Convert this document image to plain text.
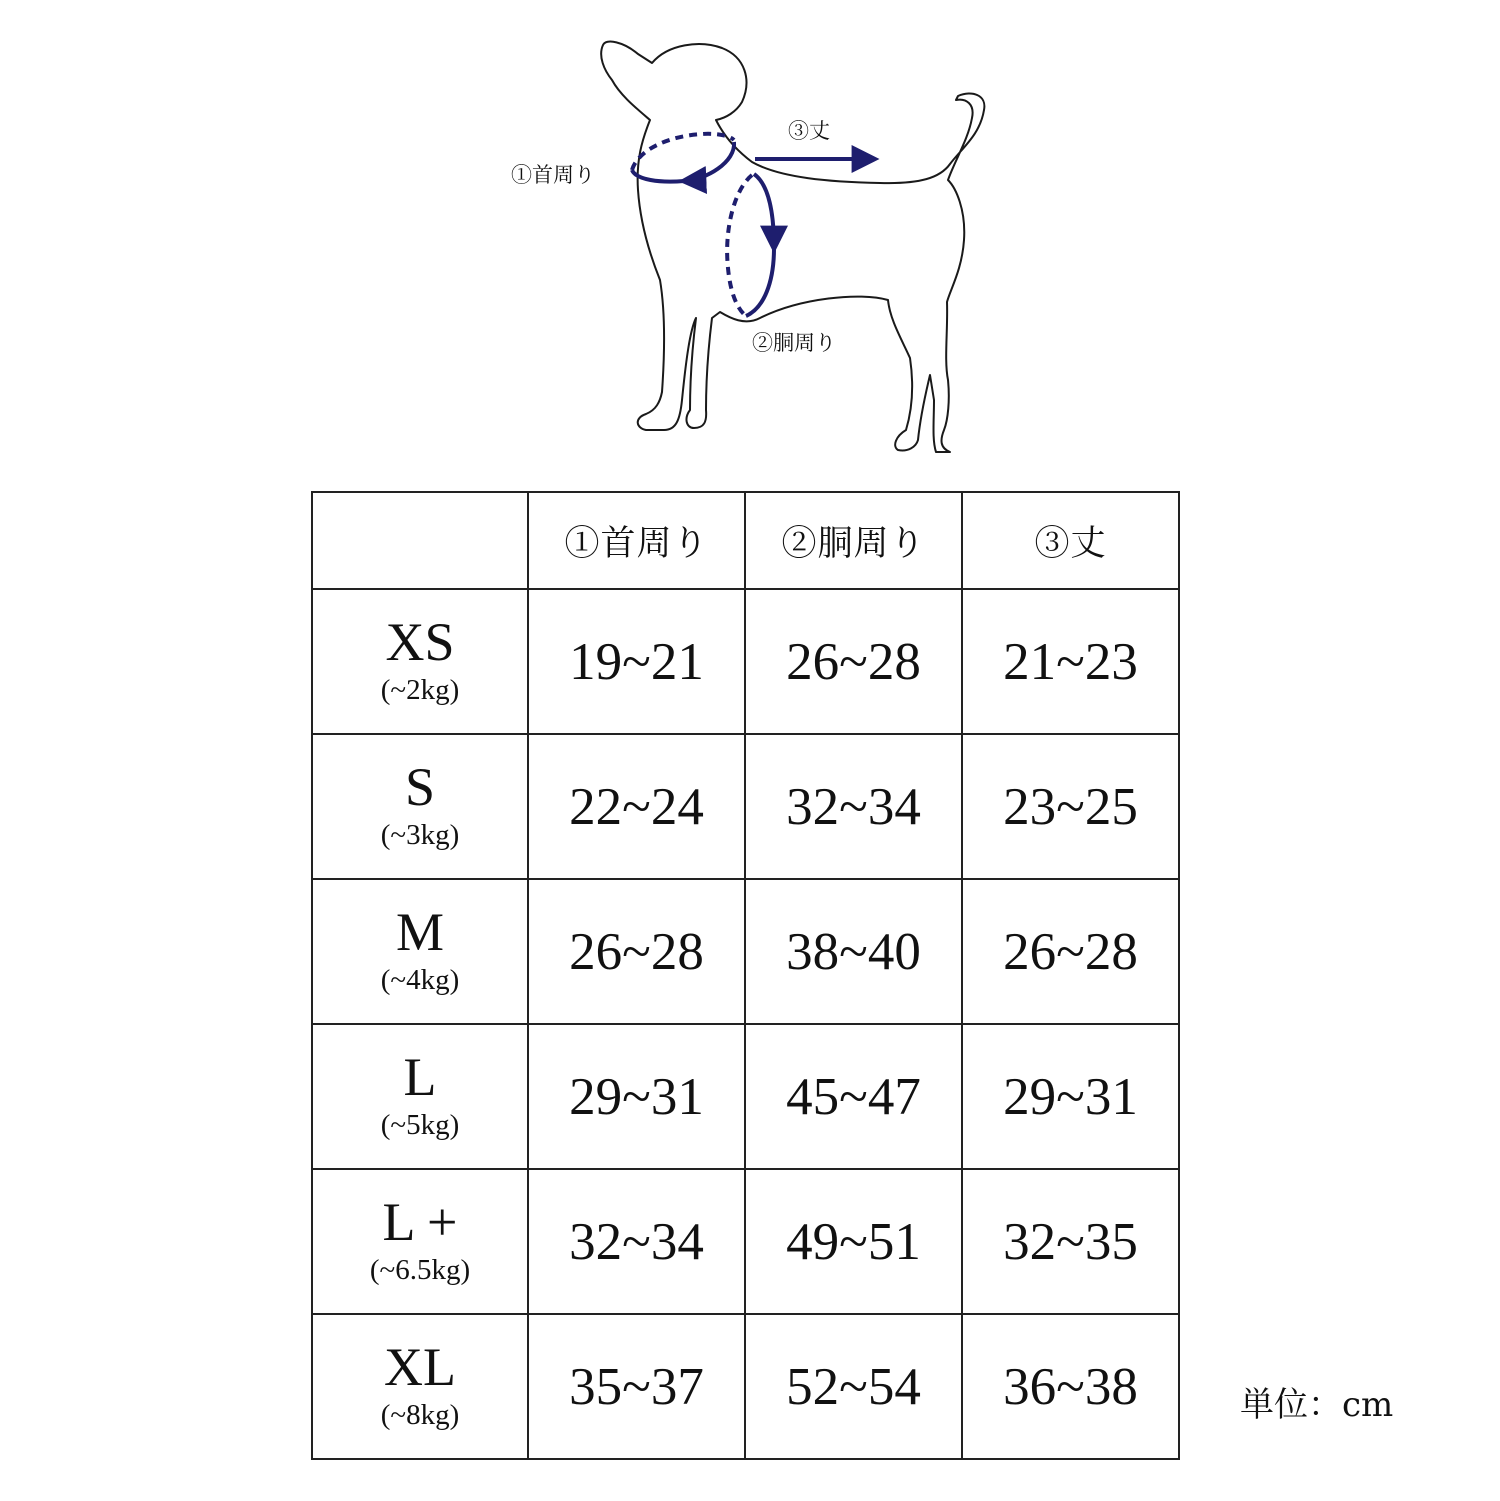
①首周り
③丈
②胴周り
	①首周り	②胴周り	③丈

XS
(~2kg)	19~21	26~28	21~23

S
(~3kg)	22~24	32~34	23~25

M
(~4kg)	26~28	38~40	26~28

L
(~5kg)	29~31	45~47	29~31

L +
(~6.5kg)	32~34	49~51	32~35

XL
(~8kg)	35~37	52~54	36~38	単位：cm
